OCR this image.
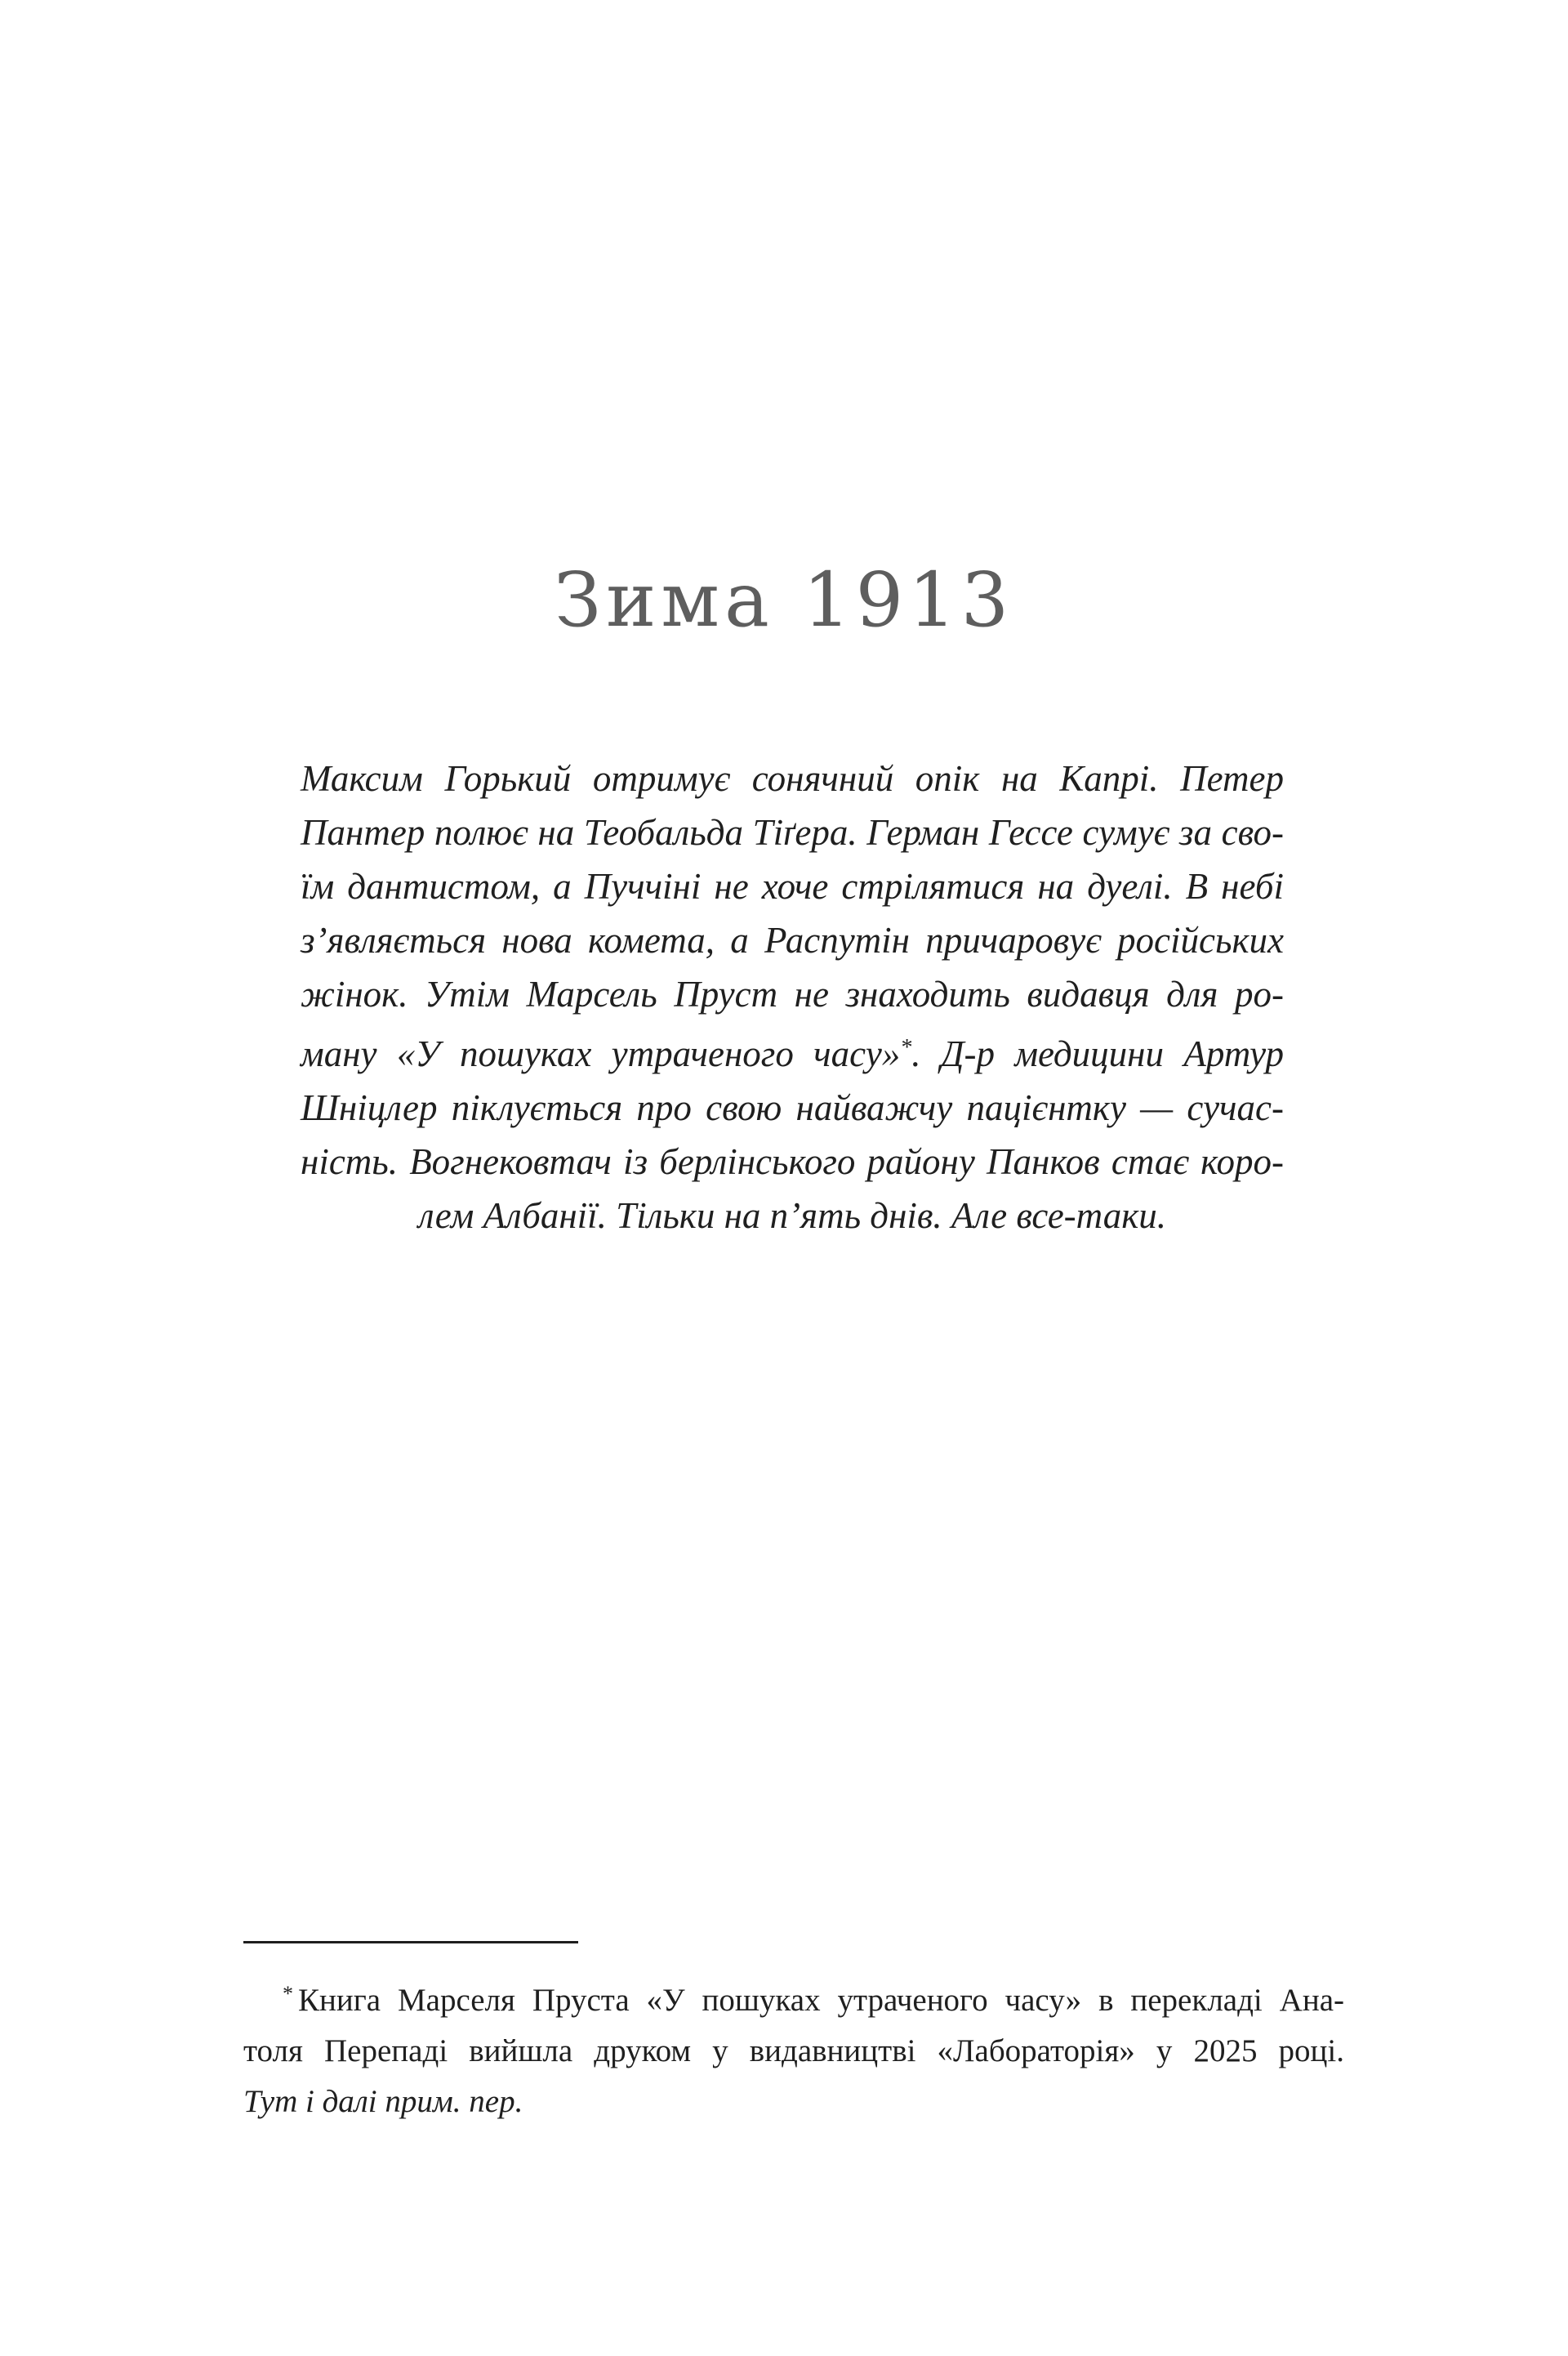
Зима 1913
Максим Горький отримує сонячний опік на Капрі. Петер
Пантер полює на Теобальда Тіґера. Герман Гессе сумує за сво-
їм дантистом, а Пуччіні не хоче стрілятися на дуелі. В небі
з’являється нова комета, а Распутін причаровує російських
жінок. Утім Марсель Пруст не знаходить видавця для ро-
ману «У пошуках утраченого часу»*. Д-р медицини Артур
Шніцлер піклується про свою найважчу пацієнтку — сучас-
ність. Вогнековтач із берлінського району Панков стає коро-
лем Албанії. Тільки на п’ять днів. Але все-таки.
* Книга Марселя Пруста «У пошуках утраченого часу» в перекладі Ана-
толя Перепаді вийшла друком у видавництві «Лабораторія» у 2025 році.
Тут і далі прим. пер.
